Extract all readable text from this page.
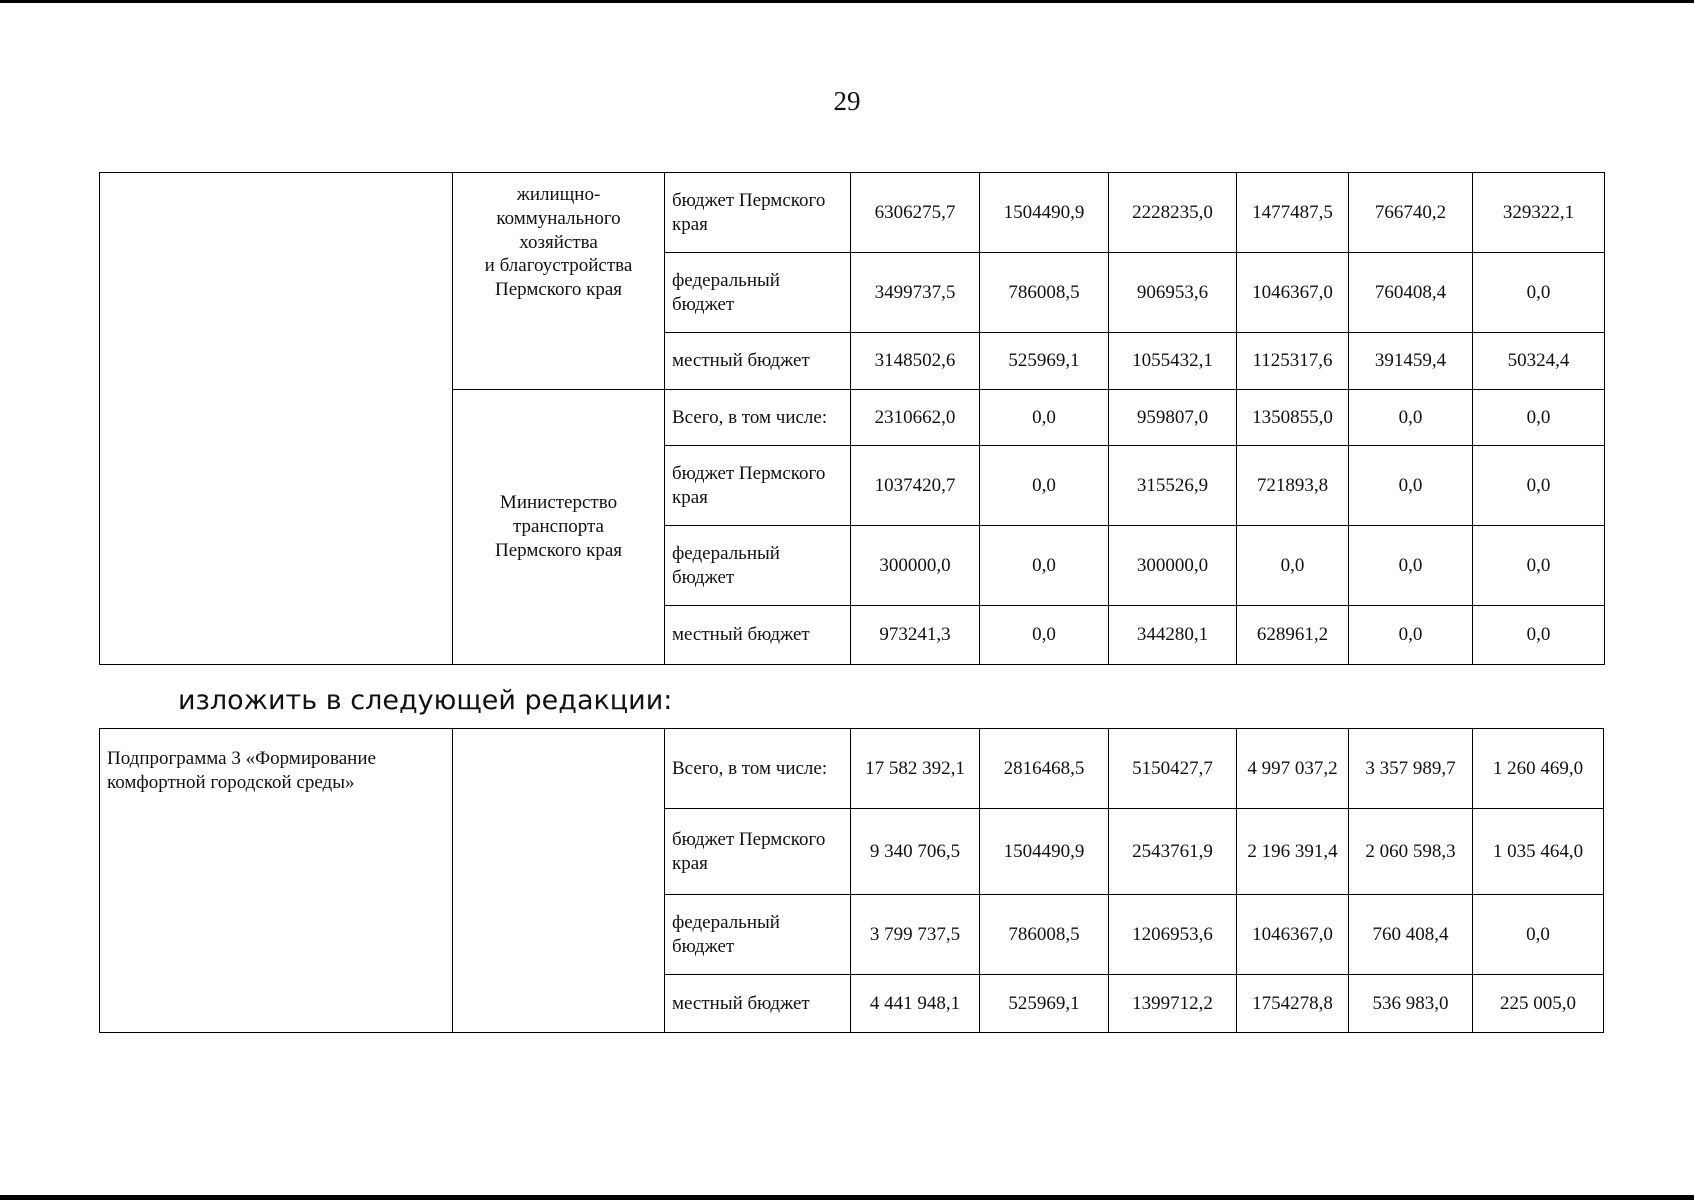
29
	жилищно-
коммунального
хозяйства
и благоустройства
Пермского края	бюджет Пермского края	6306275,7	1504490,9	2228235,0	1477487,5	766740,2	329322,1
		федеральный бюджет	3499737,5	786008,5	906953,6	1046367,0	760408,4	0,0
		местный бюджет	3148502,6	525969,1	1055432,1	1125317,6	391459,4	50324,4
	Министерство
транспорта
Пермского края	Всего, в том числе:	2310662,0	0,0	959807,0	1350855,0	0,0	0,0
		бюджет Пермского края	1037420,7	0,0	315526,9	721893,8	0,0	0,0
		федеральный бюджет	300000,0	0,0	300000,0	0,0	0,0	0,0
		местный бюджет	973241,3	0,0	344280,1	628961,2	0,0	0,0
изложить в следующей редакции:
Подпрограмма 3 «Формирование комфортной городской среды»		Всего, в том числе:	17 582 392,1	2816468,5	5150427,7	4 997 037,2	3 357 989,7	1 260 469,0
		бюджет Пермского края	9 340 706,5	1504490,9	2543761,9	2 196 391,4	2 060 598,3	1 035 464,0
		федеральный бюджет	3 799 737,5	786008,5	1206953,6	1046367,0	760 408,4	0,0
		местный бюджет	4 441 948,1	525969,1	1399712,2	1754278,8	536 983,0	225 005,0
